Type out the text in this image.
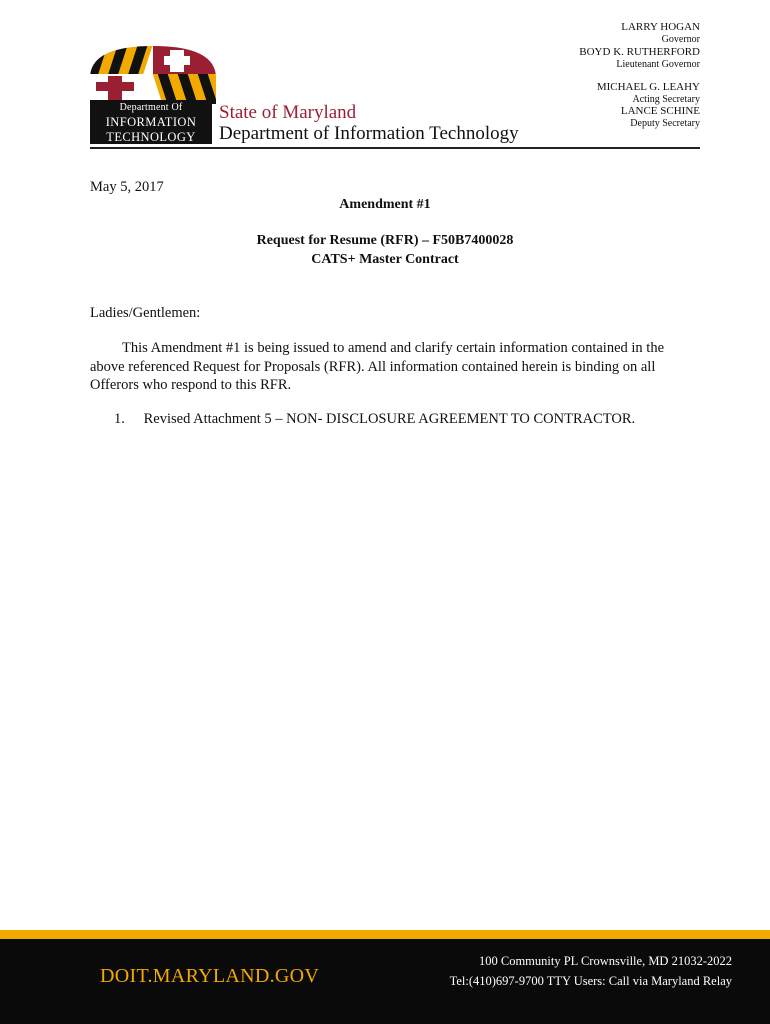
Department Of
INFORMATION
TECHNOLOGY
State of Maryland
Department of Information Technology
LARRY HOGAN
Governor
BOYD K. RUTHERFORD
Lieutenant Governor
MICHAEL G. LEAHY
Acting Secretary
LANCE SCHINE
Deputy Secretary
May 5, 2017
Amendment #1
Request for Resume (RFR) – F50B7400028
CATS+ Master Contract
Ladies/Gentlemen:
This Amendment #1 is being issued to amend and clarify certain information contained in the above referenced Request for Proposals (RFR). All information contained herein is binding on all Offerors who respond to this RFR.
1. Revised Attachment 5 – NON- DISCLOSURE AGREEMENT TO CONTRACTOR.
DOIT.MARYLAND.GOV
100 Community PL Crownsville, MD 21032-2022
Tel:(410)697-9700 TTY Users: Call via Maryland Relay
